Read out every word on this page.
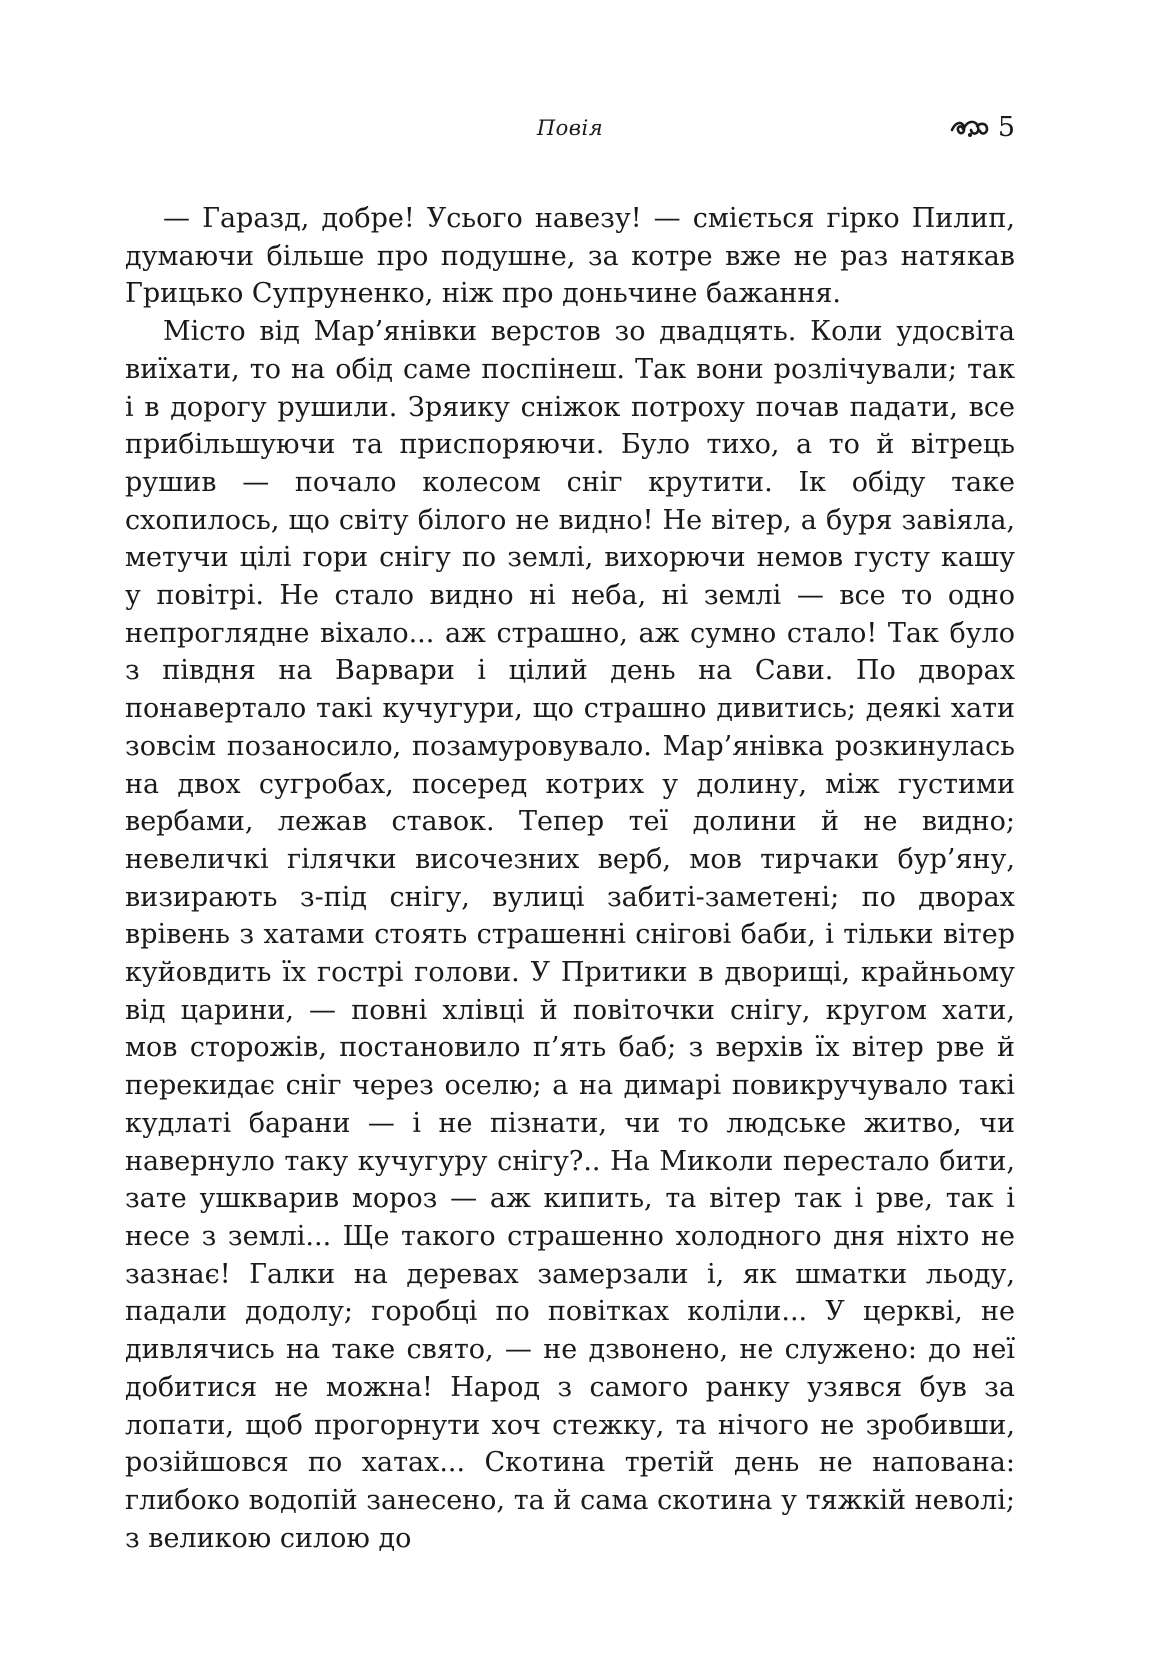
Повія	5

— Гаразд, добре! Усього навезу! — сміється гірко Пилип, думаючи більше про подушне, за котре вже не раз натякав Грицько Супруненко, ніж про доньчине бажання.

Місто від Мар’янівки верстов зо двадцять. Коли удосвіта виїхати, то на обід саме поспінеш. Так вони розлічували; так і в дорогу рушили. Зряику сніжок потроху почав падати, все прибільшуючи та приспоряючи. Було тихо, а то й вітрець рушив — почало колесом сніг крутити. Ік обіду таке схопилось, що світу білого не видно! Не вітер, а буря завіяла, метучи цілі гори снігу по землі, вихорючи немов густу кашу у повітрі. Не стало видно ні неба, ні землі — все то одно непроглядне віхало... аж страшно, аж сумно стало! Так було з півдня на Варвари і цілий день на Сави. По дворах понавертало такі кучугури, що страшно дивитись; деякі хати зовсім позаносило, позамуровувало. Мар’янівка розкинулась на двох сугробах, посеред котрих у долину, між густими вербами, лежав ставок. Тепер теї долини й не видно; невеличкі гілячки височезних верб, мов тирчаки бур’яну, визирають з-під снігу, вулиці забиті-заметені; по дворах врівень з хатами стоять страшенні снігові баби, і тільки вітер куйовдить їх гострі голови. У Притики в дворищі, крайньому від царини, — повні хлівці й повіточки снігу, кругом хати, мов сторожів, постановило п’ять баб; з верхів їх вітер рве й перекидає сніг через оселю; а на димарі повикручувало такі кудлаті барани — і не пізнати, чи то людське житво, чи навернуло таку кучугуру снігу?.. На Миколи перестало бити, зате ушкварив мороз — аж кипить, та вітер так і рве, так і несе з землі... Ще такого страшенно холодного дня ніхто не зазнає! Галки на деревах замерзали і, як шматки льоду, падали додолу; горобці по повітках коліли... У церкві, не дивлячись на таке свято, — не дзвонено, не служено: до неї добитися не можна! Народ з самого ранку узявся був за лопати, щоб прогорнути хоч стежку, та нічого не зробивши, розійшовся по хатах... Скотина третій день не напована: глибоко водопій занесено, та й сама скотина у тяжкій неволі; з великою силою до
